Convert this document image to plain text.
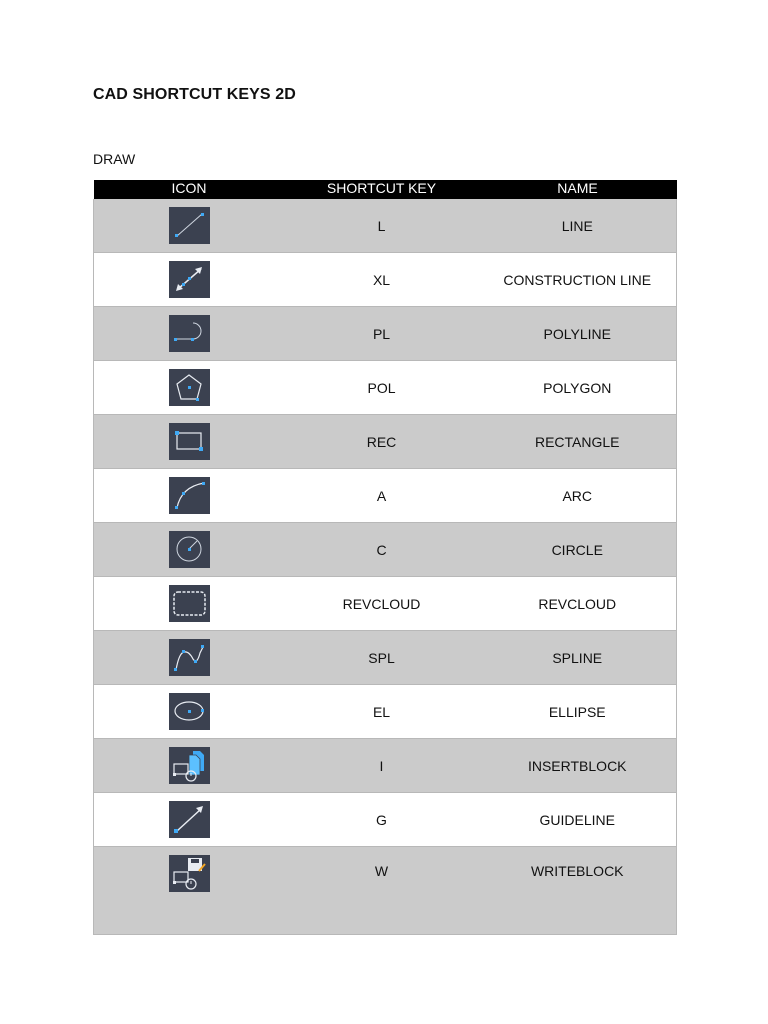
CAD SHORTCUT KEYS 2D
DRAW
ICON	SHORTCUT KEY	NAME

	L	LINE

	XL	CONSTRUCTION LINE

	PL	POLYLINE

	POL	POLYGON

	REC	RECTANGLE

	A	ARC

	C	CIRCLE

	REVCLOUD	REVCLOUD

	SPL	SPLINE

	EL	ELLIPSE

	I	INSERTBLOCK

	G	GUIDELINE

	W	WRITEBLOCK
